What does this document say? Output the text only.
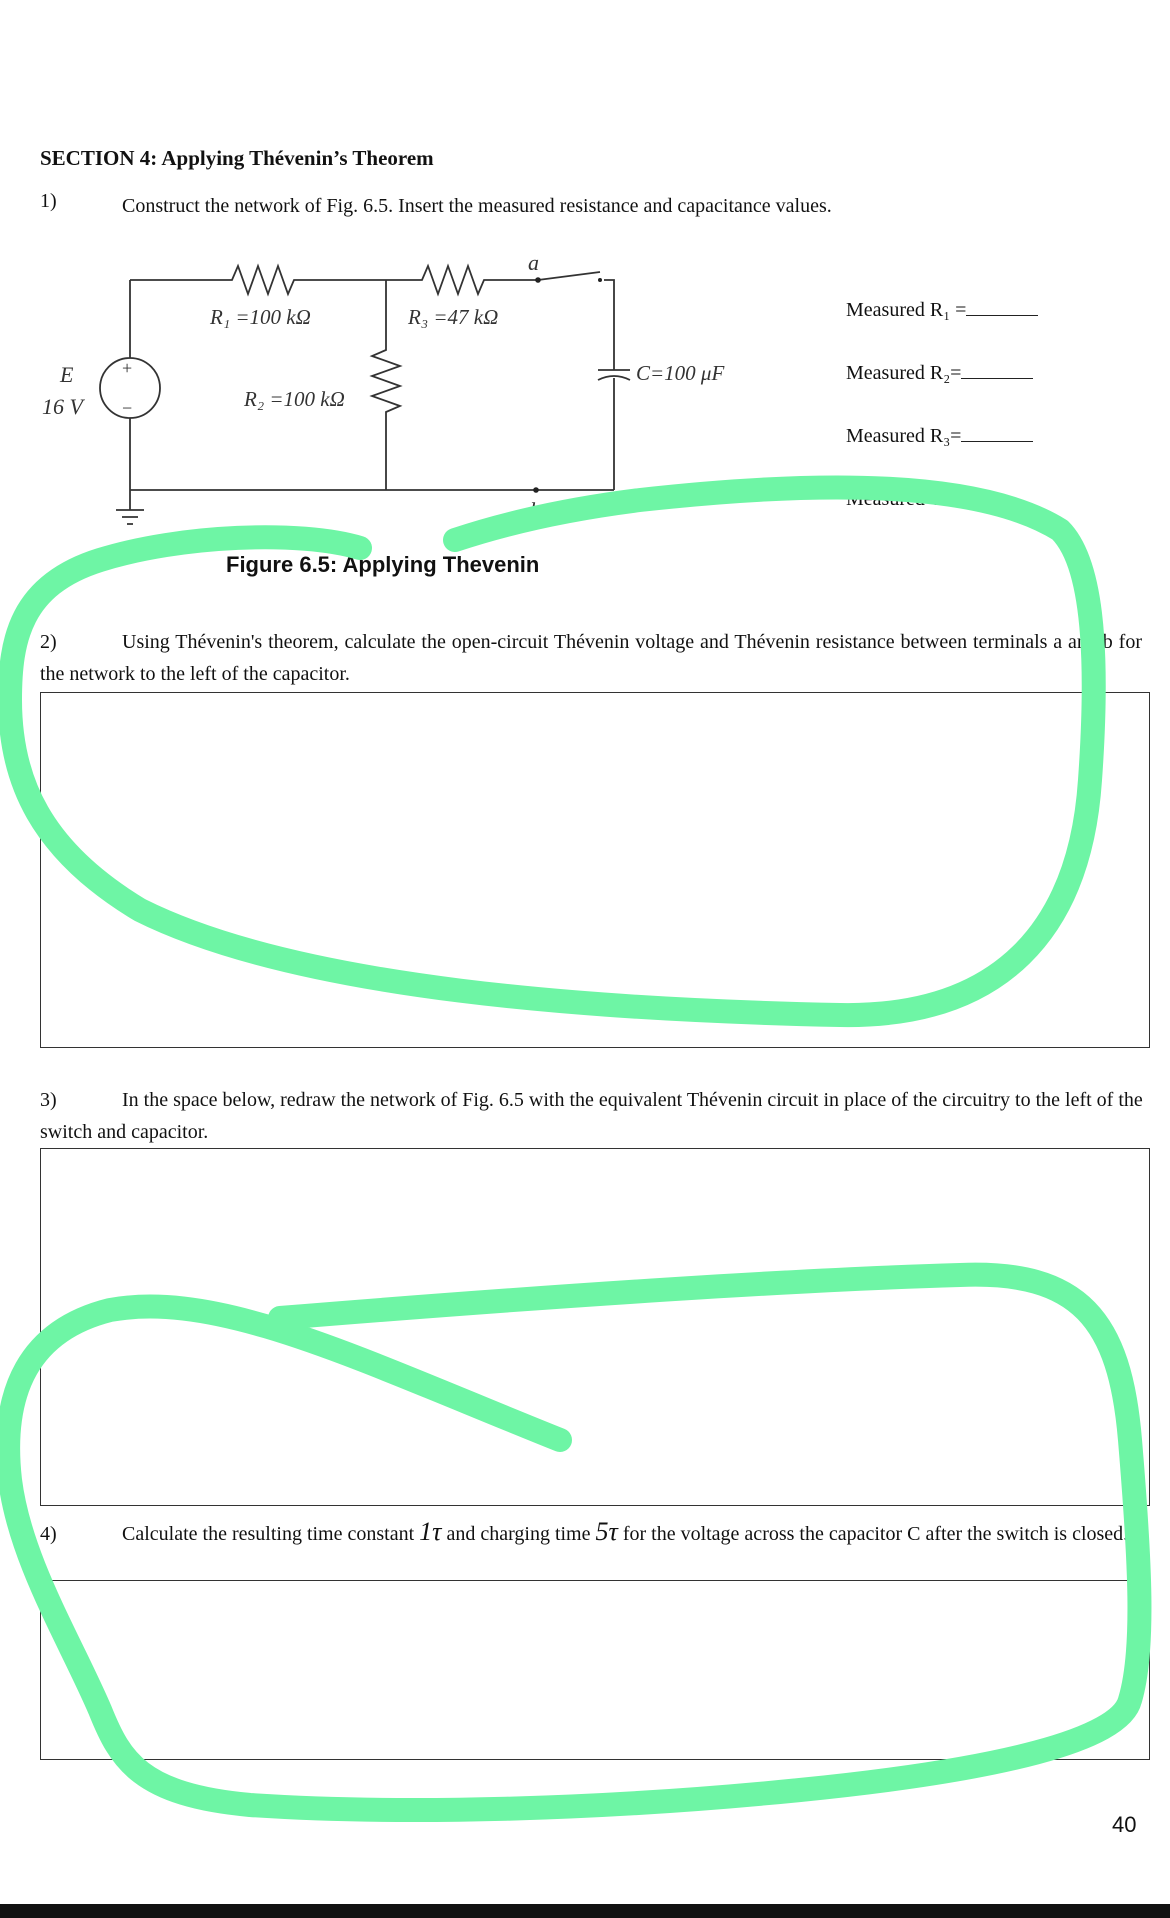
SECTION 4: Applying Thévenin’s Theorem
1)	Construct the network of Fig. 6.5. Insert the measured resistance and capacitance values.
a
b
E
16 V
+
−
R₁ =100 kΩ	R₃ =47 kΩ
R₂ =100 kΩ
C=100 μF
Measured R₁ =
Measured R₂=
Measured R₃=
Measured C=
Figure 6.5: Applying Thevenin
2)	Using Thévenin's theorem, calculate the open-circuit Thévenin voltage and Thévenin resistance between terminals a and b for the network to the left of the capacitor.
3)	In the space below, redraw the network of Fig. 6.5 with the equivalent Thévenin circuit in place of the circuitry to the left of the switch and capacitor.
4)	Calculate the resulting time constant 1τ and charging time 5τ for the voltage across the capacitor C after the switch is closed.
40
